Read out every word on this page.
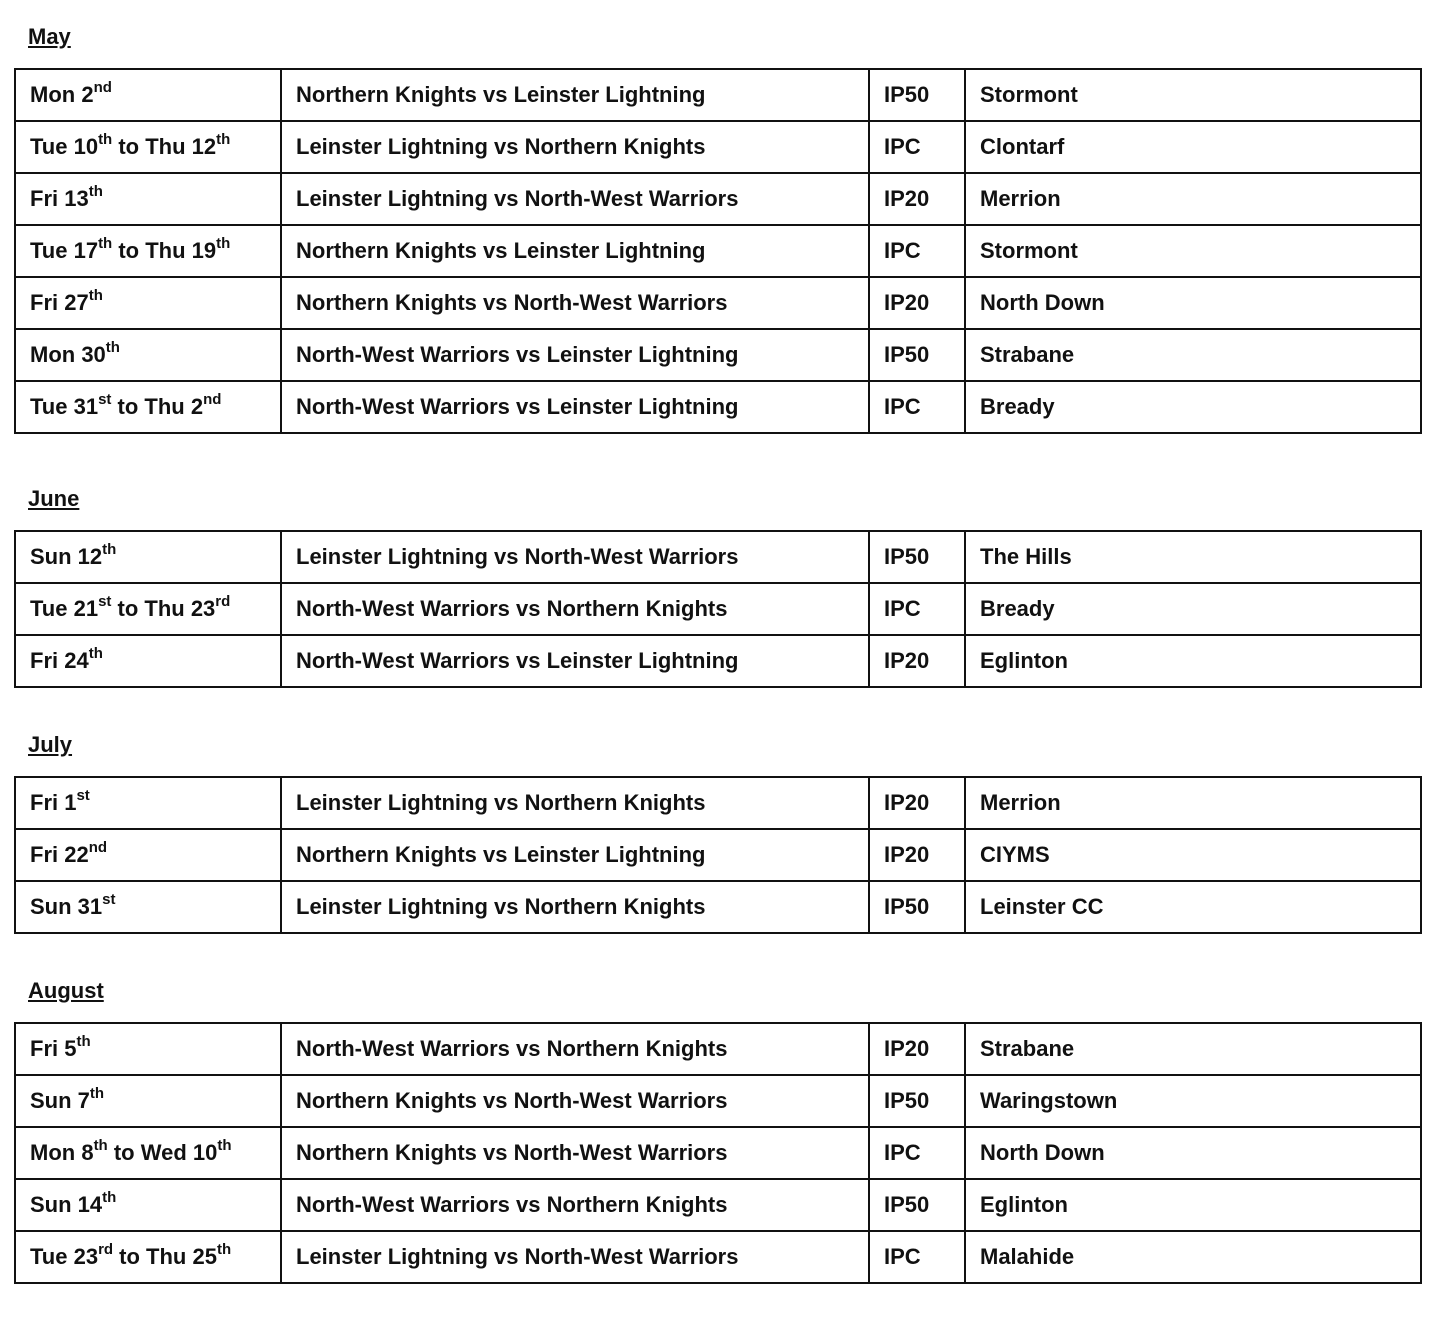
May
Mon 2nd	Northern Knights vs Leinster Lightning	IP50	Stormont
Tue 10th to Thu 12th	Leinster Lightning vs Northern Knights	IPC	Clontarf
Fri 13th	Leinster Lightning vs North-West Warriors	IP20	Merrion
Tue 17th to Thu 19th	Northern Knights vs Leinster Lightning	IPC	Stormont
Fri 27th	Northern Knights vs North-West Warriors	IP20	North Down
Mon 30th	North-West Warriors vs Leinster Lightning	IP50	Strabane
Tue 31st to Thu 2nd	North-West Warriors vs Leinster Lightning	IPC	Bready
June
Sun 12th	Leinster Lightning vs North-West Warriors	IP50	The Hills
Tue 21st to Thu 23rd	North-West Warriors vs Northern Knights	IPC	Bready
Fri 24th	North-West Warriors vs Leinster Lightning	IP20	Eglinton
July
Fri 1st	Leinster Lightning vs Northern Knights	IP20	Merrion
Fri 22nd	Northern Knights vs Leinster Lightning	IP20	CIYMS
Sun 31st	Leinster Lightning vs Northern Knights	IP50	Leinster CC
August
Fri 5th	North-West Warriors vs Northern Knights	IP20	Strabane
Sun 7th	Northern Knights vs North-West Warriors	IP50	Waringstown
Mon 8th to Wed 10th	Northern Knights vs North-West Warriors	IPC	North Down
Sun 14th	North-West Warriors vs Northern Knights	IP50	Eglinton
Tue 23rd to Thu 25th	Leinster Lightning vs North-West Warriors	IPC	Malahide
